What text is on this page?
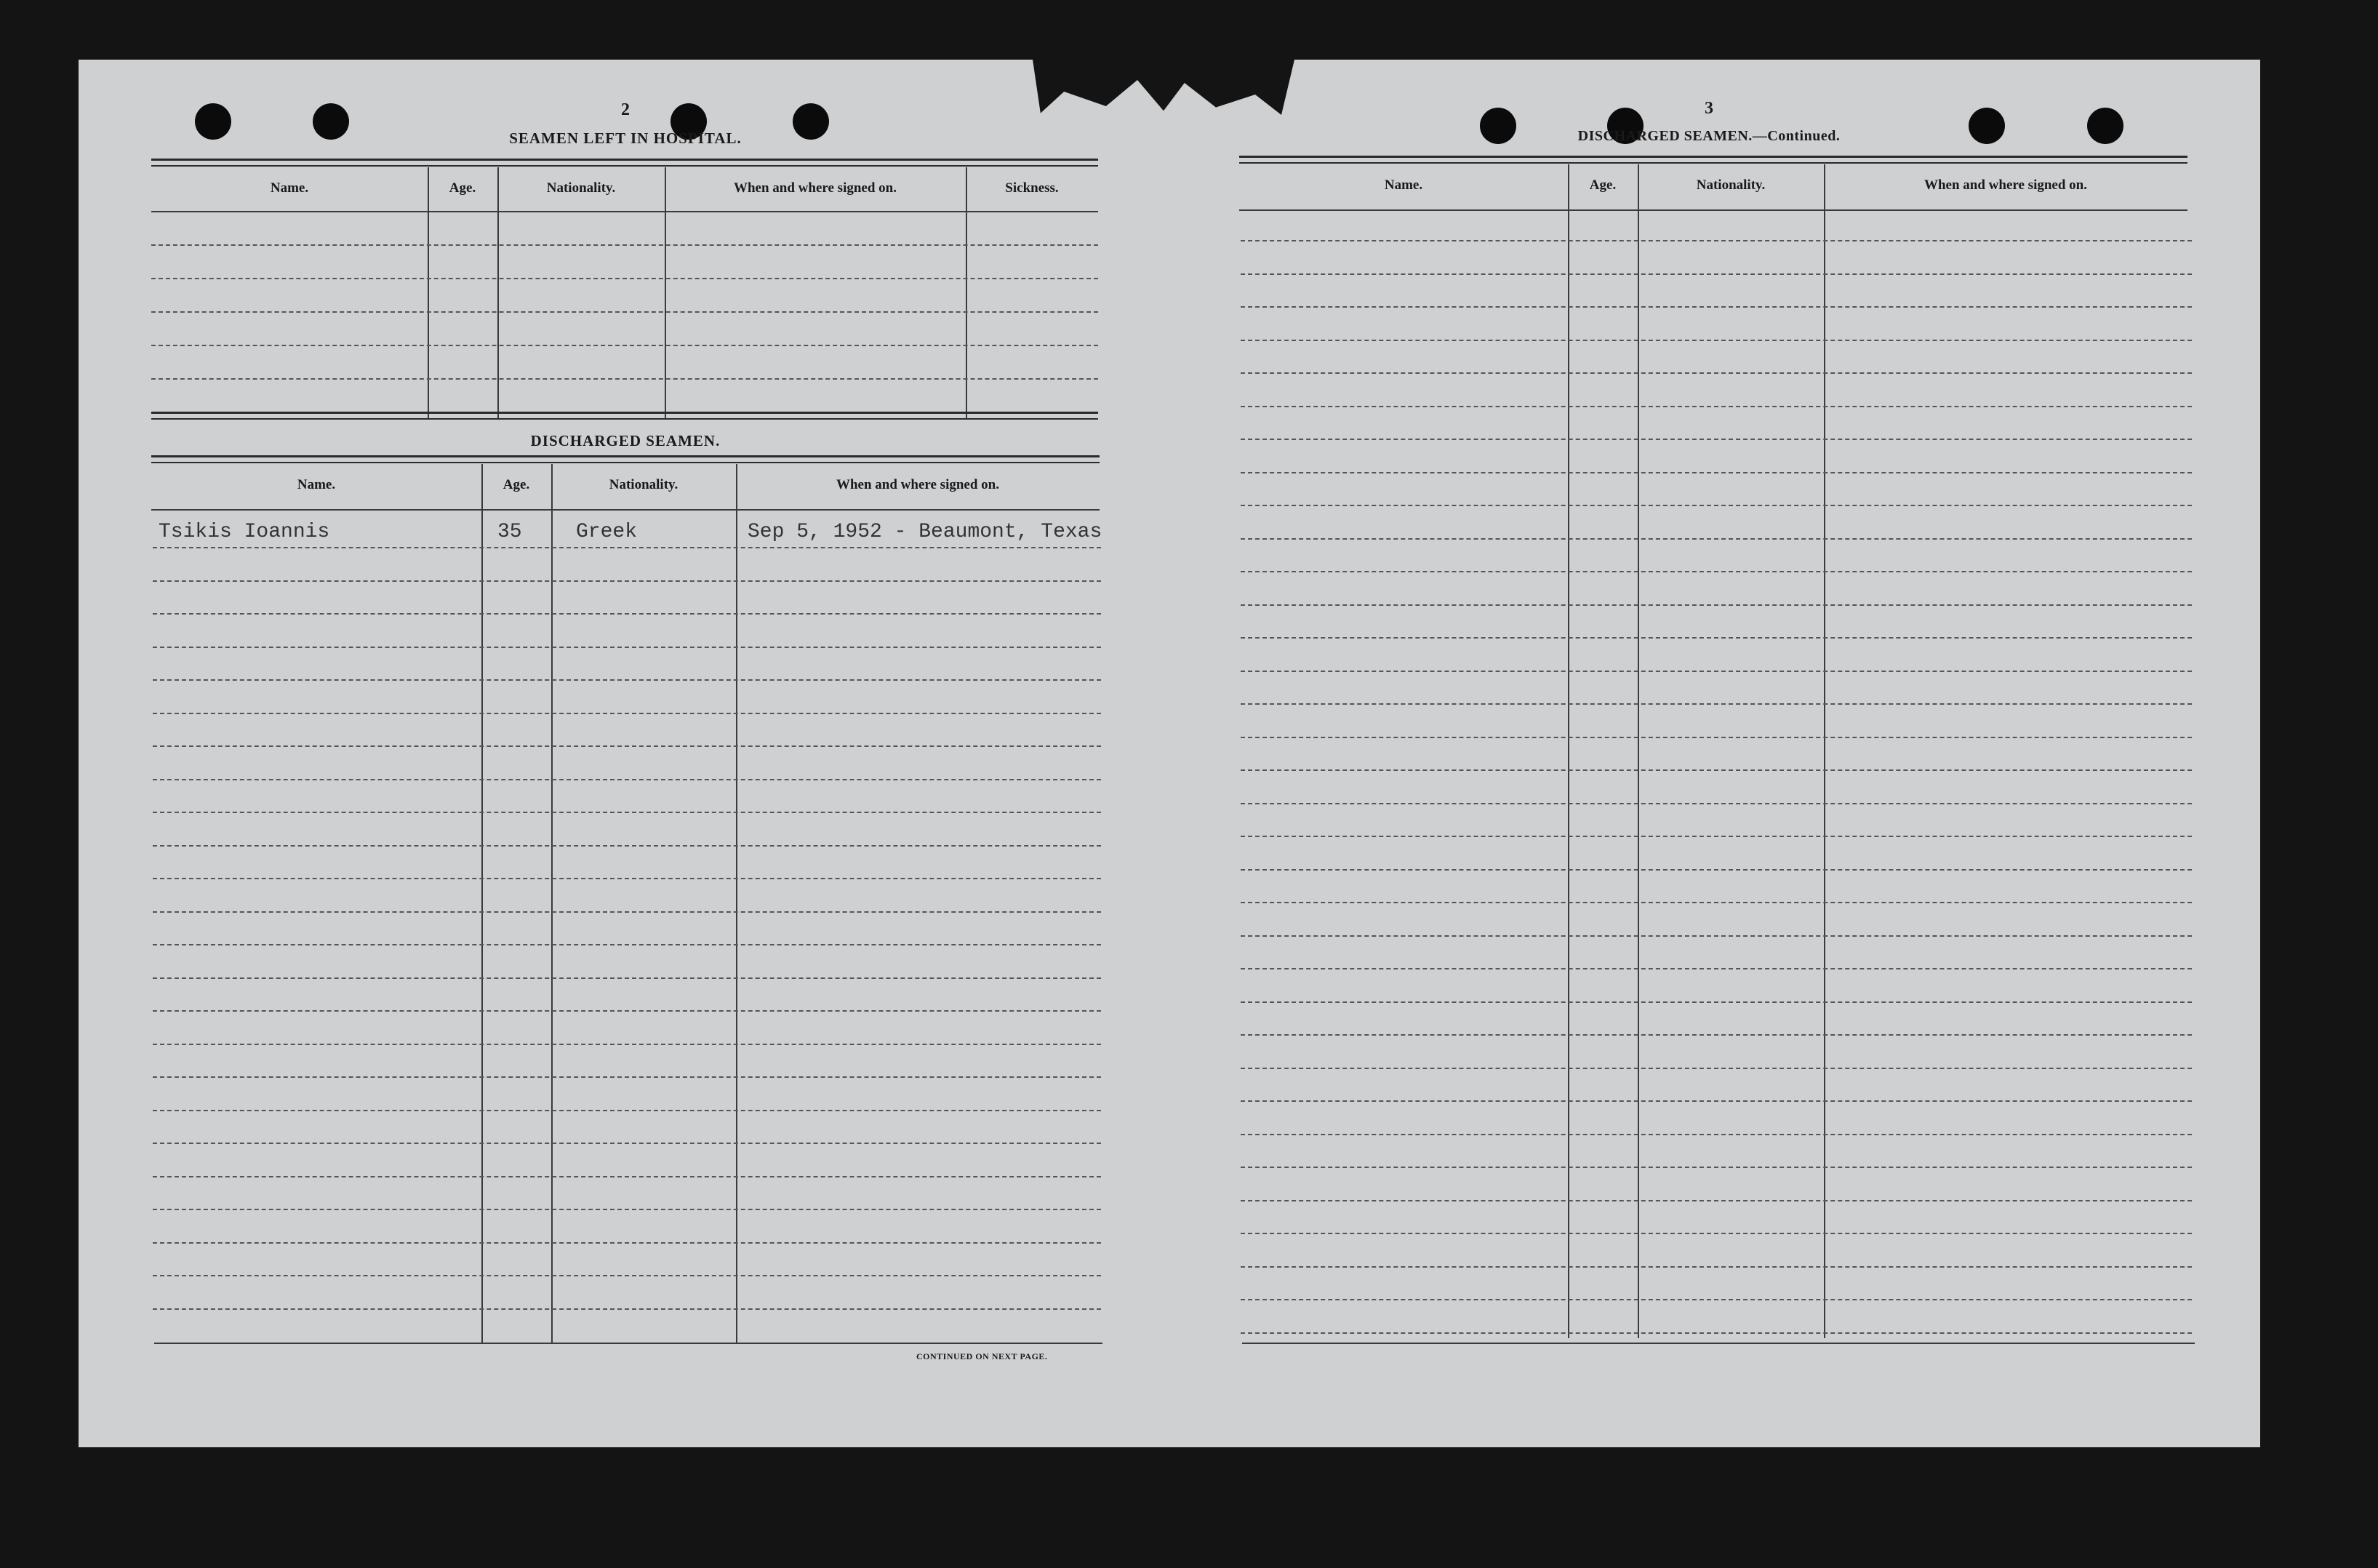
2
SEAMEN LEFT IN HOSPITAL.
Name.	Age.	Nationality.	When and where signed on.	Sickness.
DISCHARGED SEAMEN.
Name.	Age.	Nationality.	When and where signed on.
Tsikis Ioannis	35	Greek	Sep 5, 1952 - Beaumont, Texas
CONTINUED ON NEXT PAGE.
3
DISCHARGED SEAMEN.—Continued.
Name.	Age.	Nationality.	When and where signed on.
